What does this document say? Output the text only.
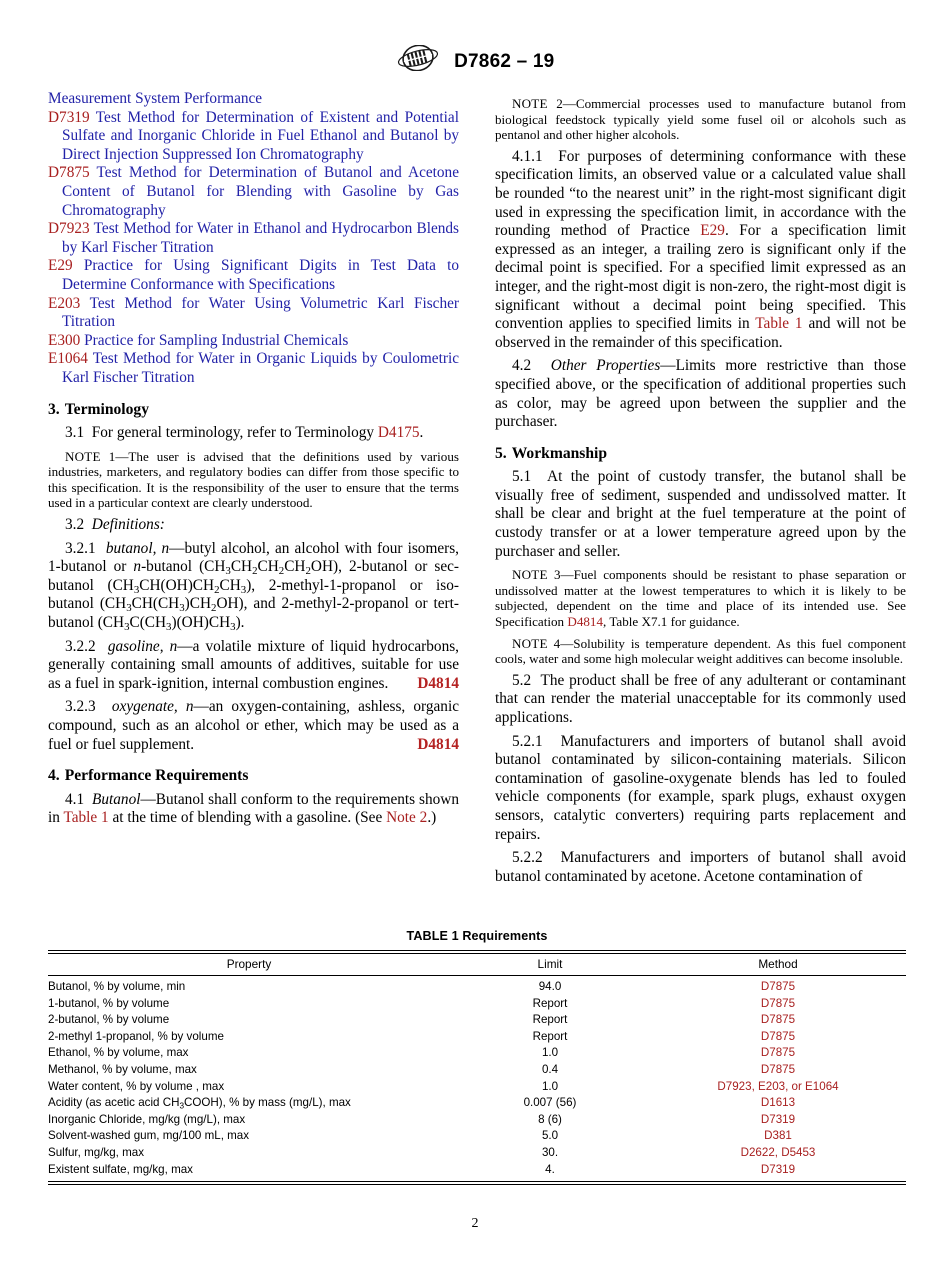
D7862 – 19

Measurement System Performance

D7319 Test Method for Determination of Existent and Potential Sulfate and Inorganic Chloride in Fuel Ethanol and Butanol by Direct Injection Suppressed Ion Chromatography

D7875 Test Method for Determination of Butanol and Acetone Content of Butanol for Blending with Gasoline by Gas Chromatography

D7923 Test Method for Water in Ethanol and Hydrocarbon Blends by Karl Fischer Titration

E29 Practice for Using Significant Digits in Test Data to Determine Conformance with Specifications

E203 Test Method for Water Using Volumetric Karl Fischer Titration

E300 Practice for Sampling Industrial Chemicals

E1064 Test Method for Water in Organic Liquids by Coulometric Karl Fischer Titration

3. Terminology

3.1 For general terminology, refer to Terminology D4175.

NOTE 1—The user is advised that the definitions used by various industries, marketers, and regulatory bodies can differ from those specific to this specification. It is the responsibility of the user to ensure that the terms used in a particular context are clearly understood.

3.2 Definitions:

3.2.1 butanol, n—butyl alcohol, an alcohol with four isomers, 1-butanol or n-butanol $(CH_3CH_2CH_2CH_2OH)$, 2-butanol or sec-butanol $(CH_3CH(OH)CH_2CH_3)$, 2-methyl-1-propanol or iso-butanol $(CH_3CH(CH_3)CH_2OH)$, and 2-methyl-2-propanol or tert-butanol $(CH_3C(CH_3)(OH)CH_3)$.

3.2.2 gasoline, n—a volatile mixture of liquid hydrocarbons, generally containing small amounts of additives, suitable for use as a fuel in spark-ignition, internal combustion engines.	D4814

3.2.3 oxygenate, n—an oxygen-containing, ashless, organic compound, such as an alcohol or ether, which may be used as a fuel or fuel supplement.	D4814

4. Performance Requirements

4.1 Butanol—Butanol shall conform to the requirements shown in Table 1 at the time of blending with a gasoline. (See Note 2.)

NOTE 2—Commercial processes used to manufacture butanol from biological feedstock typically yield some fusel oil or alcohols such as pentanol and other higher alcohols.

4.1.1 For purposes of determining conformance with these specification limits, an observed value or a calculated value shall be rounded “to the nearest unit” in the right-most significant digit used in expressing the specification limit, in accordance with the rounding method of Practice E29. For a specification limit expressed as an integer, a trailing zero is significant only if the decimal point is specified. For a specified limit expressed as an integer, and the right-most digit is non-zero, the right-most digit is significant without a decimal point being specified. This convention applies to specified limits in Table 1 and will not be observed in the remainder of this specification.

4.2 Other Properties—Limits more restrictive than those specified above, or the specification of additional properties such as color, may be agreed upon between the supplier and the purchaser.

5. Workmanship

5.1 At the point of custody transfer, the butanol shall be visually free of sediment, suspended and undissolved matter. It shall be clear and bright at the fuel temperature at the point of custody transfer or at a lower temperature agreed upon by the purchaser and seller.

NOTE 3—Fuel components should be resistant to phase separation or undissolved matter at the lowest temperatures to which it is likely to be subjected, dependent on the time and place of its intended use. See Specification D4814, Table X7.1 for guidance.

NOTE 4—Solubility is temperature dependent. As this fuel component cools, water and some high molecular weight additives can become insoluble.

5.2 The product shall be free of any adulterant or contaminant that can render the material unacceptable for its commonly used applications.

5.2.1 Manufacturers and importers of butanol shall avoid butanol contaminated by silicon-containing materials. Silicon contamination of gasoline-oxygenate blends has led to fouled vehicle components (for example, spark plugs, exhaust oxygen sensors, catalytic converters) requiring parts replacement and repairs.

5.2.2 Manufacturers and importers of butanol shall avoid butanol contaminated by acetone. Acetone contamination of

TABLE 1 Requirements
Property	Limit	Method
Butanol, % by volume, min	94.0	D7875
1-butanol, % by volume	Report	D7875
2-butanol, % by volume	Report	D7875
2-methyl 1-propanol, % by volume	Report	D7875
Ethanol, % by volume, max	1.0	D7875
Methanol, % by volume, max	0.4	D7875
Water content, % by volume , max	1.0	D7923, E203, or E1064
Acidity (as acetic acid $CH_3COOH$), % by mass (mg/L), max	0.007 (56)	D1613
Inorganic Chloride, mg/kg (mg/L), max	8 (6)	D7319
Solvent-washed gum, mg/100 mL, max	5.0	D381
Sulfur, mg/kg, max	30.	D2622, D5453
Existent sulfate, mg/kg, max	4.	D7319
2
